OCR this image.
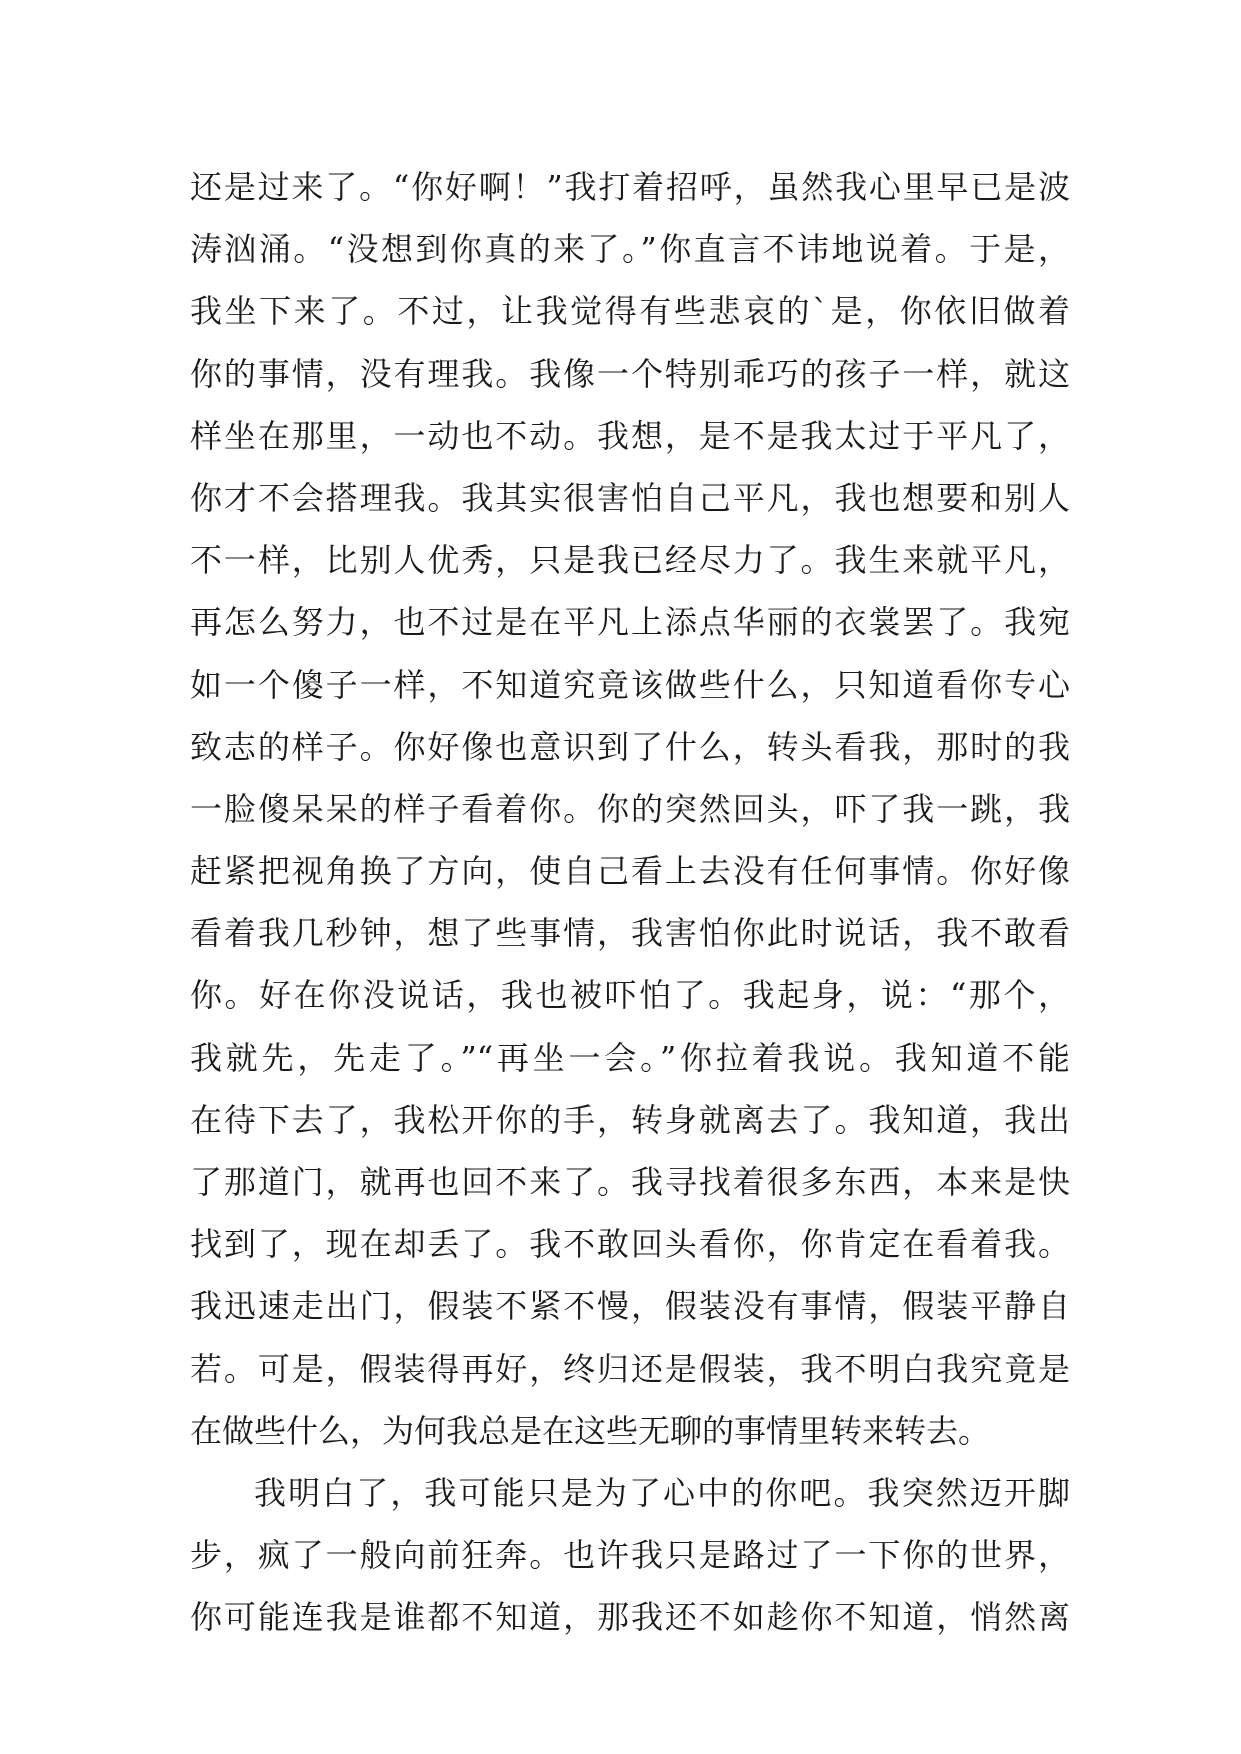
还是过来了。“你好啊！”我打着招呼，虽然我心里早已是波
涛汹涌。“没想到你真的来了。”你直言不讳地说着。于是，
我坐下来了。不过，让我觉得有些悲哀的`是，你依旧做着
你的事情，没有理我。我像一个特别乖巧的孩子一样，就这
样坐在那里，一动也不动。我想，是不是我太过于平凡了，
你才不会搭理我。我其实很害怕自己平凡，我也想要和别人
不一样，比别人优秀，只是我已经尽力了。我生来就平凡，
再怎么努力，也不过是在平凡上添点华丽的衣裳罢了。我宛
如一个傻子一样，不知道究竟该做些什么，只知道看你专心
致志的样子。你好像也意识到了什么，转头看我，那时的我
一脸傻呆呆的样子看着你。你的突然回头，吓了我一跳，我
赶紧把视角换了方向，使自己看上去没有任何事情。你好像
看着我几秒钟，想了些事情，我害怕你此时说话，我不敢看
你。好在你没说话，我也被吓怕了。我起身，说：“那个，
我就先，先走了。”“再坐一会。”你拉着我说。我知道不能
在待下去了，我松开你的手，转身就离去了。我知道，我出
了那道门，就再也回不来了。我寻找着很多东西，本来是快
找到了，现在却丢了。我不敢回头看你，你肯定在看着我。
我迅速走出门，假装不紧不慢，假装没有事情，假装平静自
若。可是，假装得再好，终归还是假装，我不明白我究竟是
在做些什么，为何我总是在这些无聊的事情里转来转去。
我明白了，我可能只是为了心中的你吧。我突然迈开脚
步，疯了一般向前狂奔。也许我只是路过了一下你的世界，
你可能连我是谁都不知道，那我还不如趁你不知道，悄然离
